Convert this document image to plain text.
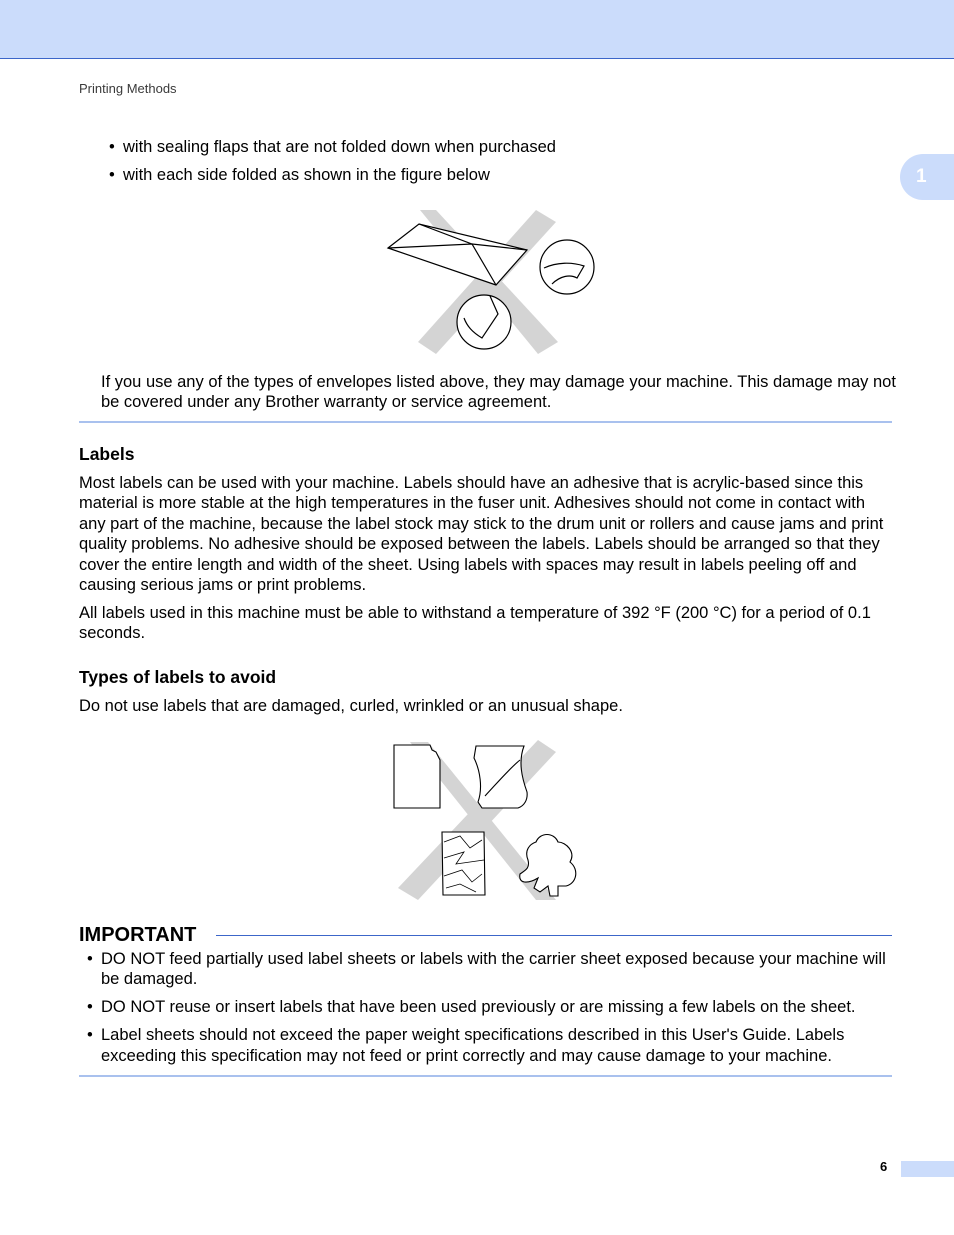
Printing Methods
1
• with sealing flaps that are not folded down when purchased
• with each side folded as shown in the figure below

If you use any of the types of envelopes listed above, they may damage your machine. This damage may not be covered under any Brother warranty or service agreement.

Labels

Most labels can be used with your machine. Labels should have an adhesive that is acrylic-based since this material is more stable at the high temperatures in the fuser unit. Adhesives should not come in contact with any part of the machine, because the label stock may stick to the drum unit or rollers and cause jams and print quality problems. No adhesive should be exposed between the labels. Labels should be arranged so that they cover the entire length and width of the sheet. Using labels with spaces may result in labels peeling off and causing serious jams or print problems.

All labels used in this machine must be able to withstand a temperature of 392 °F (200 °C) for a period of 0.1 seconds.

Types of labels to avoid

Do not use labels that are damaged, curled, wrinkled or an unusual shape.

IMPORTANT
• DO NOT feed partially used label sheets or labels with the carrier sheet exposed because your machine will be damaged.
• DO NOT reuse or insert labels that have been used previously or are missing a few labels on the sheet.
• Label sheets should not exceed the paper weight specifications described in this User's Guide. Labels exceeding this specification may not feed or print correctly and may cause damage to your machine.
6
